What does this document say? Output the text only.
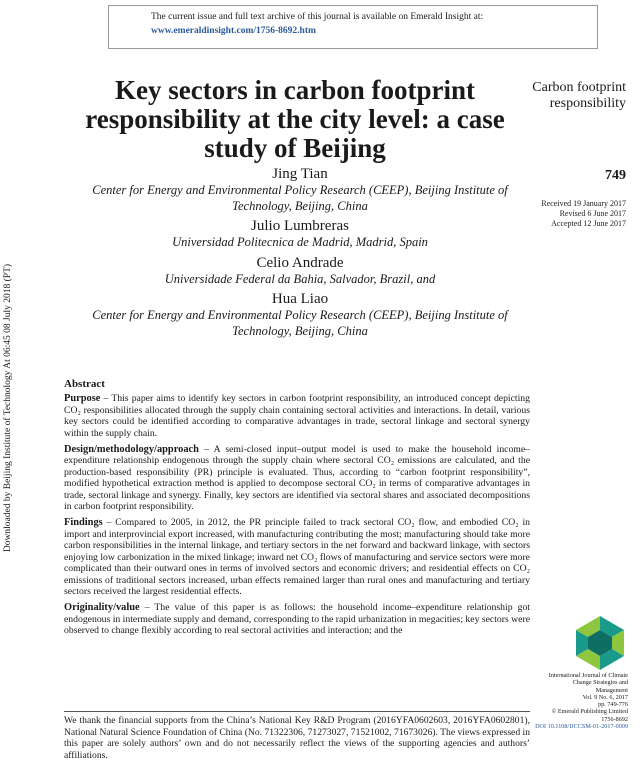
The current issue and full text archive of this journal is available on Emerald Insight at:
www.emeraldinsight.com/1756-8692.htm
Downloaded by Beijing Institute of Technology At 06:45 08 July 2018 (PT)
Key sectors in carbon footprint responsibility at the city level: a case study of Beijing
Carbon footprint responsibility
749
Received 19 January 2017
Revised 6 June 2017
Accepted 12 June 2017
Jing Tian
Center for Energy and Environmental Policy Research (CEEP), Beijing Institute of Technology, Beijing, China
Julio Lumbreras
Universidad Politecnica de Madrid, Madrid, Spain
Celio Andrade
Universidade Federal da Bahia, Salvador, Brazil, and
Hua Liao
Center for Energy and Environmental Policy Research (CEEP), Beijing Institute of Technology, Beijing, China
Abstract

Purpose – This paper aims to identify key sectors in carbon footprint responsibility, an introduced concept depicting CO₂ responsibilities allocated through the supply chain containing sectoral activities and interactions. In detail, various key sectors could be identified according to comparative advantages in trade, sectoral linkage and sectoral synergy within the supply chain.

Design/methodology/approach – A semi-closed input–output model is used to make the household income–expenditure relationship endogenous through the supply chain where sectoral CO₂ emissions are calculated, and the production-based responsibility (PR) principle is evaluated. Thus, according to “carbon footprint responsibility”, modified hypothetical extraction method is applied to decompose sectoral CO₂ in terms of comparative advantages in trade, sectoral linkage and synergy. Finally, key sectors are identified via sectoral shares and associated decompositions in carbon footprint responsibility.

Findings – Compared to 2005, in 2012, the PR principle failed to track sectoral CO₂ flow, and embodied CO₂ in import and interprovincial export increased, with manufacturing contributing the most; manufacturing should take more carbon responsibilities in the internal linkage, and tertiary sectors in the net forward and backward linkage, with sectors enjoying low carbonization in the mixed linkage; inward net CO₂ flows of manufacturing and service sectors were more complicated than their outward ones in terms of involved sectors and economic drivers; and residential effects on CO₂ emissions of traditional sectors increased, urban effects remained larger than rural ones and manufacturing and tertiary sectors received the largest residential effects.

Originality/value – The value of this paper is as follows: the household income–expenditure relationship got endogenous in intermediate supply and demand, corresponding to the rapid urbanization in megacities; key sectors were observed to change flexibly according to real sectoral activities and interaction; and the

International Journal of Climate
Change Strategies and
Management
Vol. 9 No. 6, 2017
pp. 749-776
© Emerald Publishing Limited
1756-8692
DOI 10.1108/IJCCSM-01-2017-0009
We thank the financial supports from the China’s National Key R&D Program (2016YFA0602603, 2016YFA0602801), National Natural Science Foundation of China (No. 71322306, 71273027, 71521002, 71673026). The views expressed in this paper are solely authors’ own and do not necessarily reflect the views of the supporting agencies and authors’ affiliations.
